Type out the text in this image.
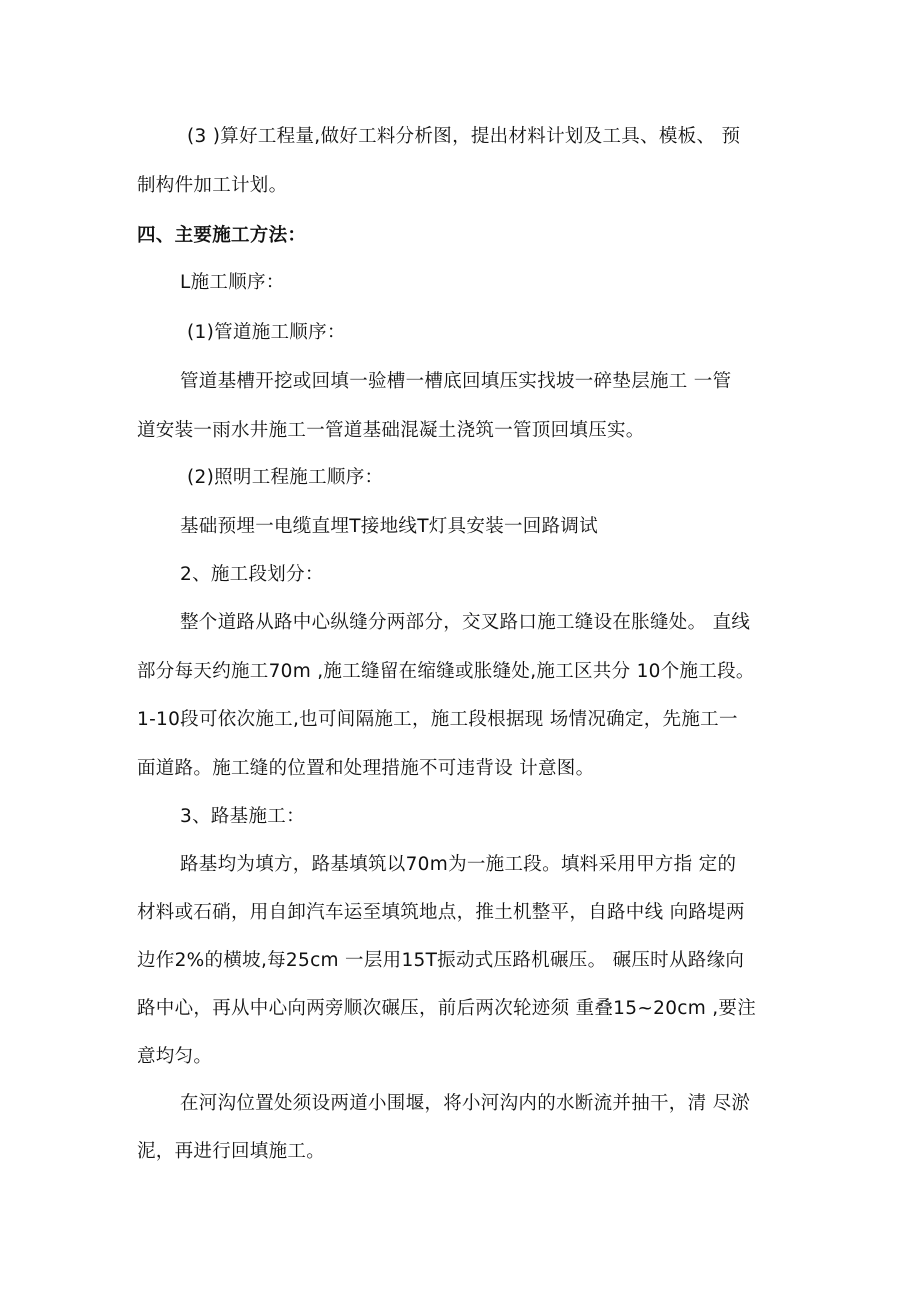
(3 )算好工程量,做好工料分析图，提出材料计划及工具、模板、 预
制构件加工计划。
四、主要施工方法：
L施工顺序：
(1)管道施工顺序：
管道基槽开挖或回填一验槽一槽底回填压实找坡一碎垫层施工 一管
道安装一雨水井施工一管道基础混凝土浇筑一管顶回填压实。
(2)照明工程施工顺序：
基础预埋一电缆直埋T接地线T灯具安装一回路调试
2、施工段划分：
整个道路从路中心纵缝分两部分，交叉路口施工缝设在胀缝处。 直线
部分每天约施工70m ,施工缝留在缩缝或胀缝处,施工区共分 10个施工段。
1-10段可依次施工,也可间隔施工，施工段根据现 场情况确定，先施工一
面道路。施工缝的位置和处理措施不可违背设 计意图。
3、路基施工：
路基均为填方，路基填筑以70m为一施工段。填料采用甲方指 定的
材料或石硝，用自卸汽车运至填筑地点，推土机整平，自路中线 向路堤两
边作2%的横坡,每25cm 一层用15T振动式压路机碾压。 碾压时从路缘向
路中心，再从中心向两旁顺次碾压，前后两次轮迹须 重叠15~20cm ,要注
意均匀。
在河沟位置处须设两道小围堰，将小河沟内的水断流并抽干，清 尽淤
泥，再进行回填施工。
